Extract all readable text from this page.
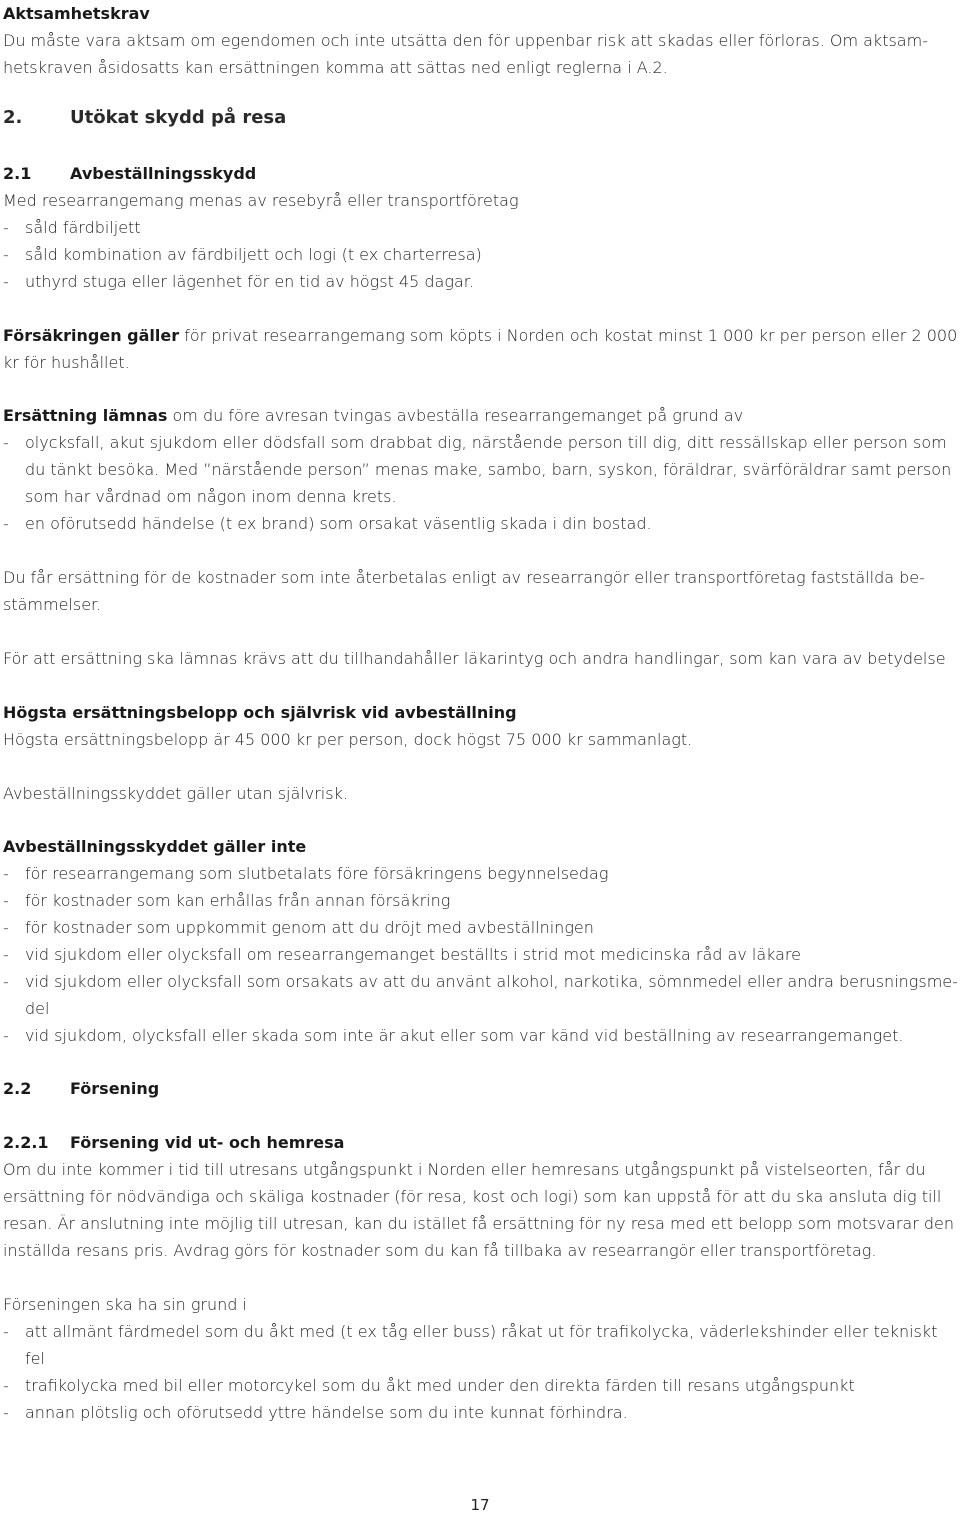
Aktsamhetskrav

Du måste vara aktsam om egendomen och inte utsätta den för uppenbar risk att skadas eller förloras. Om aktsam-

hetskraven åsidosatts kan ersättningen komma att sättas ned enligt reglerna i A.2.

2.	Utökat skydd på resa

2.1 Avbeställningsskydd

Med researrangemang menas av resebyrå eller transportföretag

-	såld färdbiljett
-	såld kombination av färdbiljett och logi (t ex charterresa)
-	uthyrd stuga eller lägenhet för en tid av högst 45 dagar.

Försäkringen gäller för privat researrangemang som köpts i Norden och kostat minst 1 000 kr per person eller 2 000

kr för hushållet.

Ersättning lämnas om du före avresan tvingas avbeställa researrangemanget på grund av

-	olycksfall, akut sjukdom eller dödsfall som drabbat dig, närstående person till dig, ditt ressällskap eller person som
du tänkt besöka. Med ”närstående person” menas make, sambo, barn, syskon, föräldrar, svärföräldrar samt person
som har vårdnad om någon inom denna krets.
-	en oförutsedd händelse (t ex brand) som orsakat väsentlig skada i din bostad.

Du får ersättning för de kostnader som inte återbetalas enligt av researrangör eller transportföretag fastställda be-

stämmelser.

För att ersättning ska lämnas krävs att du tillhandahåller läkarintyg och andra handlingar, som kan vara av betydelse

Högsta ersättningsbelopp och självrisk vid avbeställning

Högsta ersättningsbelopp är 45 000 kr per person, dock högst 75 000 kr sammanlagt.

Avbeställningsskyddet gäller utan självrisk.

Avbeställningsskyddet gäller inte

-	för researrangemang som slutbetalats före försäkringens begynnelsedag
-	för kostnader som kan erhållas från annan försäkring
-	för kostnader som uppkommit genom att du dröjt med avbeställningen
-	vid sjukdom eller olycksfall om researrangemanget beställts i strid mot medicinska råd av läkare
-	vid sjukdom eller olycksfall som orsakats av att du använt alkohol, narkotika, sömnmedel eller andra berusningsme-
del
-	vid sjukdom, olycksfall eller skada som inte är akut eller som var känd vid beställning av researrangemanget.

2.2 Försening

2.2.1 Försening vid ut- och hemresa

Om du inte kommer i tid till utresans utgångspunkt i Norden eller hemresans utgångspunkt på vistelseorten, får du

ersättning för nödvändiga och skäliga kostnader (för resa, kost och logi) som kan uppstå för att du ska ansluta dig till

resan. Är anslutning inte möjlig till utresan, kan du istället få ersättning för ny resa med ett belopp som motsvarar den

inställda resans pris. Avdrag görs för kostnader som du kan få tillbaka av researrangör eller transportföretag.

Förseningen ska ha sin grund i

-	att allmänt färdmedel som du åkt med (t ex tåg eller buss) råkat ut för trafikolycka, väderlekshinder eller tekniskt fel
-	trafikolycka med bil eller motorcykel som du åkt med under den direkta färden till resans utgångspunkt
-	annan plötslig och oförutsedd yttre händelse som du inte kunnat förhindra.
17
